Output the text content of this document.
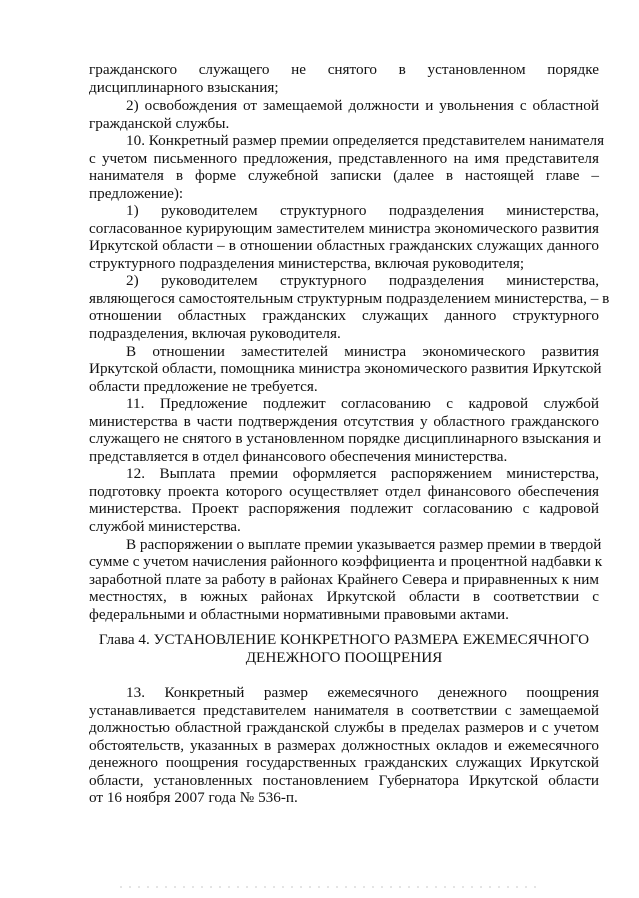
гражданского служащего не снятого в установленном порядке
дисциплинарного взыскания;
2) освобождения от замещаемой должности и увольнения с областной
гражданской службы.
10. Конкретный размер премии определяется представителем нанимателя
с учетом письменного предложения, представленного на имя представителя
нанимателя в форме служебной записки (далее в настоящей главе –
предложение):
1) руководителем структурного подразделения министерства,
согласованное курирующим заместителем министра экономического развития
Иркутской области – в отношении областных гражданских служащих данного
структурного подразделения министерства, включая руководителя;
2) руководителем структурного подразделения министерства,
являющегося самостоятельным структурным подразделением министерства, – в
отношении областных гражданских служащих данного структурного
подразделения, включая руководителя.
В отношении заместителей министра экономического развития
Иркутской области, помощника министра экономического развития Иркутской
области предложение не требуется.
11. Предложение подлежит согласованию с кадровой службой
министерства в части подтверждения отсутствия у областного гражданского
служащего не снятого в установленном порядке дисциплинарного взыскания и
представляется в отдел финансового обеспечения министерства.
12. Выплата премии оформляется распоряжением министерства,
подготовку проекта которого осуществляет отдел финансового обеспечения
министерства. Проект распоряжения подлежит согласованию с кадровой
службой министерства.
В распоряжении о выплате премии указывается размер премии в твердой
сумме с учетом начисления районного коэффициента и процентной надбавки к
заработной плате за работу в районах Крайнего Севера и приравненных к ним
местностях, в южных районах Иркутской области в соответствии с
федеральными и областными нормативными правовыми актами.
Глава 4. УСТАНОВЛЕНИЕ КОНКРЕТНОГО РАЗМЕРА ЕЖЕМЕСЯЧНОГО
ДЕНЕЖНОГО ПООЩРЕНИЯ
13. Конкретный размер ежемесячного денежного поощрения
устанавливается представителем нанимателя в соответствии с замещаемой
должностью областной гражданской службы в пределах размеров и с учетом
обстоятельств, указанных в размерах должностных окладов и ежемесячного
денежного поощрения государственных гражданских служащих Иркутской
области, установленных постановлением Губернатора Иркутской области
от 16 ноября 2007 года № 536-п.
